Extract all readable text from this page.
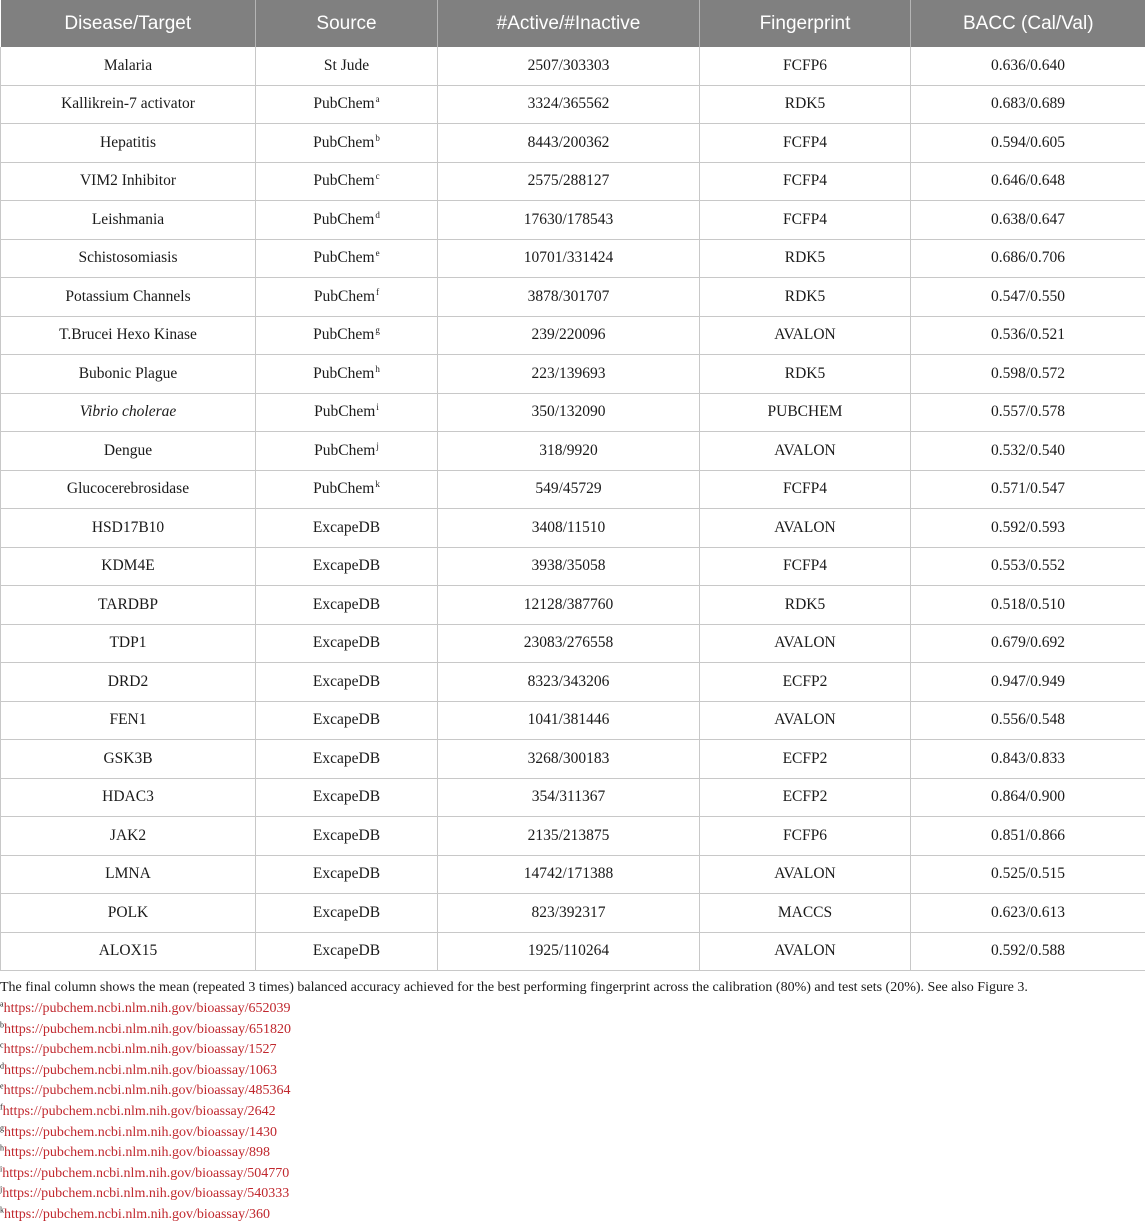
Disease/Target	Source	#Active/#Inactive	Fingerprint	BACC (Cal/Val)
Malaria	St Jude	2507/303303	FCFP6	0.636/0.640
Kallikrein-7 activator	PubChem$^a$	3324/365562	RDK5	0.683/0.689
Hepatitis	PubChem$^b$	8443/200362	FCFP4	0.594/0.605
VIM2 Inhibitor	PubChem$^c$	2575/288127	FCFP4	0.646/0.648
Leishmania	PubChem$^d$	17630/178543	FCFP4	0.638/0.647
Schistosomiasis	PubChem$^e$	10701/331424	RDK5	0.686/0.706
Potassium Channels	PubChem$^f$	3878/301707	RDK5	0.547/0.550
T.Brucei Hexo Kinase	PubChem$^g$	239/220096	AVALON	0.536/0.521
Bubonic Plague	PubChem$^h$	223/139693	RDK5	0.598/0.572
Vibrio cholerae	PubChem$^i$	350/132090	PUBCHEM	0.557/0.578
Dengue	PubChem$^j$	318/9920	AVALON	0.532/0.540
Glucocerebrosidase	PubChem$^k$	549/45729	FCFP4	0.571/0.547
HSD17B10	ExcapeDB	3408/11510	AVALON	0.592/0.593
KDM4E	ExcapeDB	3938/35058	FCFP4	0.553/0.552
TARDBP	ExcapeDB	12128/387760	RDK5	0.518/0.510
TDP1	ExcapeDB	23083/276558	AVALON	0.679/0.692
DRD2	ExcapeDB	8323/343206	ECFP2	0.947/0.949
FEN1	ExcapeDB	1041/381446	AVALON	0.556/0.548
GSK3B	ExcapeDB	3268/300183	ECFP2	0.843/0.833
HDAC3	ExcapeDB	354/311367	ECFP2	0.864/0.900
JAK2	ExcapeDB	2135/213875	FCFP6	0.851/0.866
LMNA	ExcapeDB	14742/171388	AVALON	0.525/0.515
POLK	ExcapeDB	823/392317	MACCS	0.623/0.613
ALOX15	ExcapeDB	1925/110264	AVALON	0.592/0.588
The final column shows the mean (repeated 3 times) balanced accuracy achieved for the best performing fingerprint across the calibration (80%) and test sets (20%). See also Figure 3.
$^a$https://pubchem.ncbi.nlm.nih.gov/bioassay/652039
$^b$https://pubchem.ncbi.nlm.nih.gov/bioassay/651820
$^c$https://pubchem.ncbi.nlm.nih.gov/bioassay/1527
$^d$https://pubchem.ncbi.nlm.nih.gov/bioassay/1063
$^e$https://pubchem.ncbi.nlm.nih.gov/bioassay/485364
$^f$https://pubchem.ncbi.nlm.nih.gov/bioassay/2642
$^g$https://pubchem.ncbi.nlm.nih.gov/bioassay/1430
$^h$https://pubchem.ncbi.nlm.nih.gov/bioassay/898
$^i$https://pubchem.ncbi.nlm.nih.gov/bioassay/504770
$^j$https://pubchem.ncbi.nlm.nih.gov/bioassay/540333
$^k$https://pubchem.ncbi.nlm.nih.gov/bioassay/360
